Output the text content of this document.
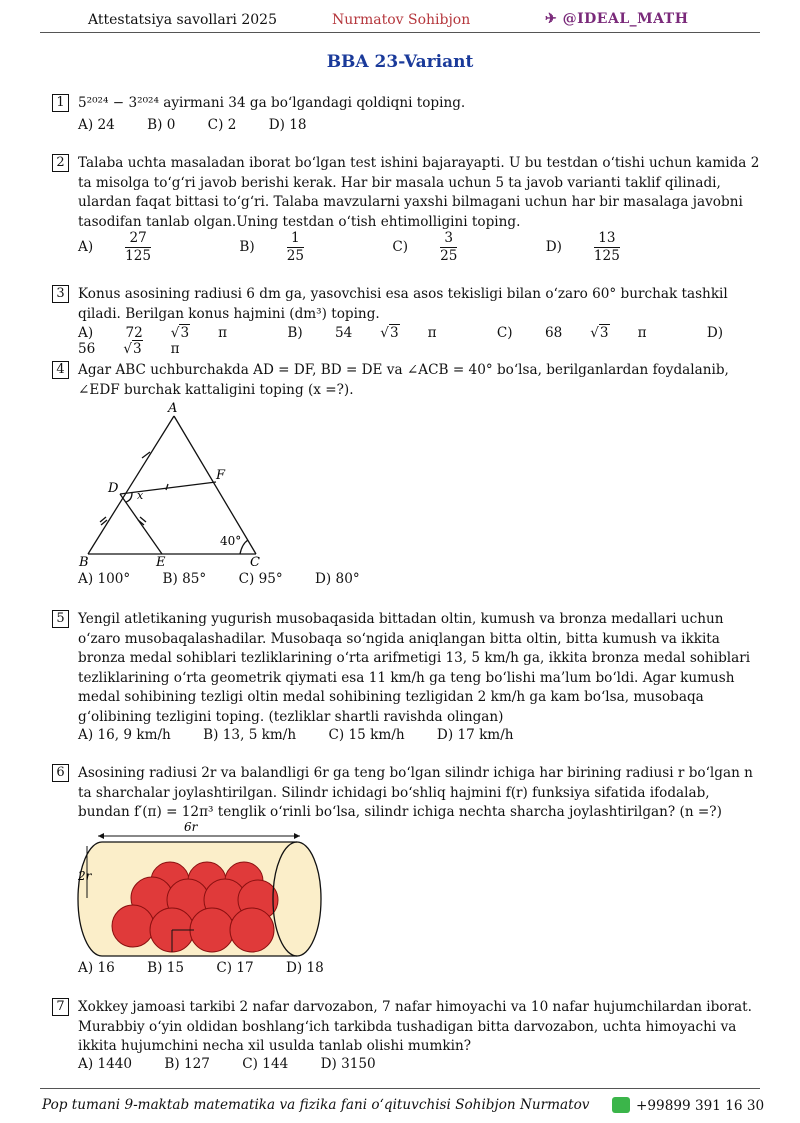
Attestatsiya savollari 2025	Nurmatov Sohibjon	✈ @IDEAL_MATH
BBA 23-Variant
1 5²⁰²⁴ − 3²⁰²⁴ ayirmani 34 ga bo‘lgandagi qoldiqni toping.
A) 24 B) 0 C) 2 D) 18
2 Talaba uchta masaladan iborat bo‘lgan test ishini bajarayapti. U bu testdan o‘tishi uchun kamida 2 ta misolga to‘g‘ri javob berishi kerak. Har bir masala uchun 5 ta javob varianti taklif qilinadi, ulardan faqat bittasi to‘g‘ri. Talaba mavzularni yaxshi bilmagani uchun har bir masalaga javobni tasodifan tanlab olgan.Uning testdan o‘tish ehtimolligini toping.
$A) \frac{27}{125}$	$B) \frac{1}{25}$	$C) \frac{3}{25}$	$D) \frac{13}{125}$
3 Konus asosining radiusi 6 dm ga, yasovchisi esa asos tekisligi bilan o‘zaro 60° burchak tashkil qiladi. Berilgan konus hajmini (dm³) toping.
A) 72 √3 π	B) 54 √3 π	C) 68 √3 π	D) 56 √3 π
4 Agar ABC uchburchakda AD = DF, BD = DE va ∠ACB = 40° bo‘lsa, berilganlardan foydalanib, ∠EDF burchak kattaligini toping (x =?).
A
D
F
B	E	C
x
40°
A) 100° B) 85° C) 95° D) 80°
5 Yengil atletikaning yugurish musobaqasida bittadan oltin, kumush va bronza medallari uchun o‘zaro musobaqalashadilar. Musobaqa so‘ngida aniqlangan bitta oltin, bitta kumush va ikkita bronza medal sohiblari tezliklarining o‘rta arifmetigi 13, 5 km/h ga, ikkita bronza medal sohiblari tezliklarining o‘rta geometrik qiymati esa 11 km/h ga teng bo‘lishi ma’lum bo‘ldi. Agar kumush medal sohibining tezligi oltin medal sohibining tezligidan 2 km/h ga kam bo‘lsa, musobaqa g‘olibining tezligini toping. (tezliklar shartli ravishda olingan)
A) 16, 9 km/h B) 13, 5 km/h C) 15 km/h D) 17 km/h
6 Asosining radiusi 2r va balandligi 6r ga teng bo‘lgan silindr ichiga har birining radiusi r bo‘lgan n ta sharchalar joylashtirilgan. Silindr ichidagi bo‘shliq hajmini f(r) funksiya sifatida ifodalab, bundan f′(π) = 12π³ tenglik o‘rinli bo‘lsa, silindr ichiga nechta sharcha joylashtirilgan? (n =?)
6r
2r
A) 16 B) 15 C) 17 D) 18
7 Xokkey jamoasi tarkibi 2 nafar darvozabon, 7 nafar himoyachi va 10 nafar hujumchilardan iborat. Murabbiy o‘yin oldidan boshlang‘ich tarkibda tushadigan bitta darvozabon, uchta himoyachi va ikkita hujumchini necha xil usulda tanlab olishi mumkin?
A) 1440 B) 127 C) 144 D) 3150
Pop tumani 9-maktab matematika va fizika fani o‘qituvchisi Sohibjon Nurmatov	+99899 391 16 30
